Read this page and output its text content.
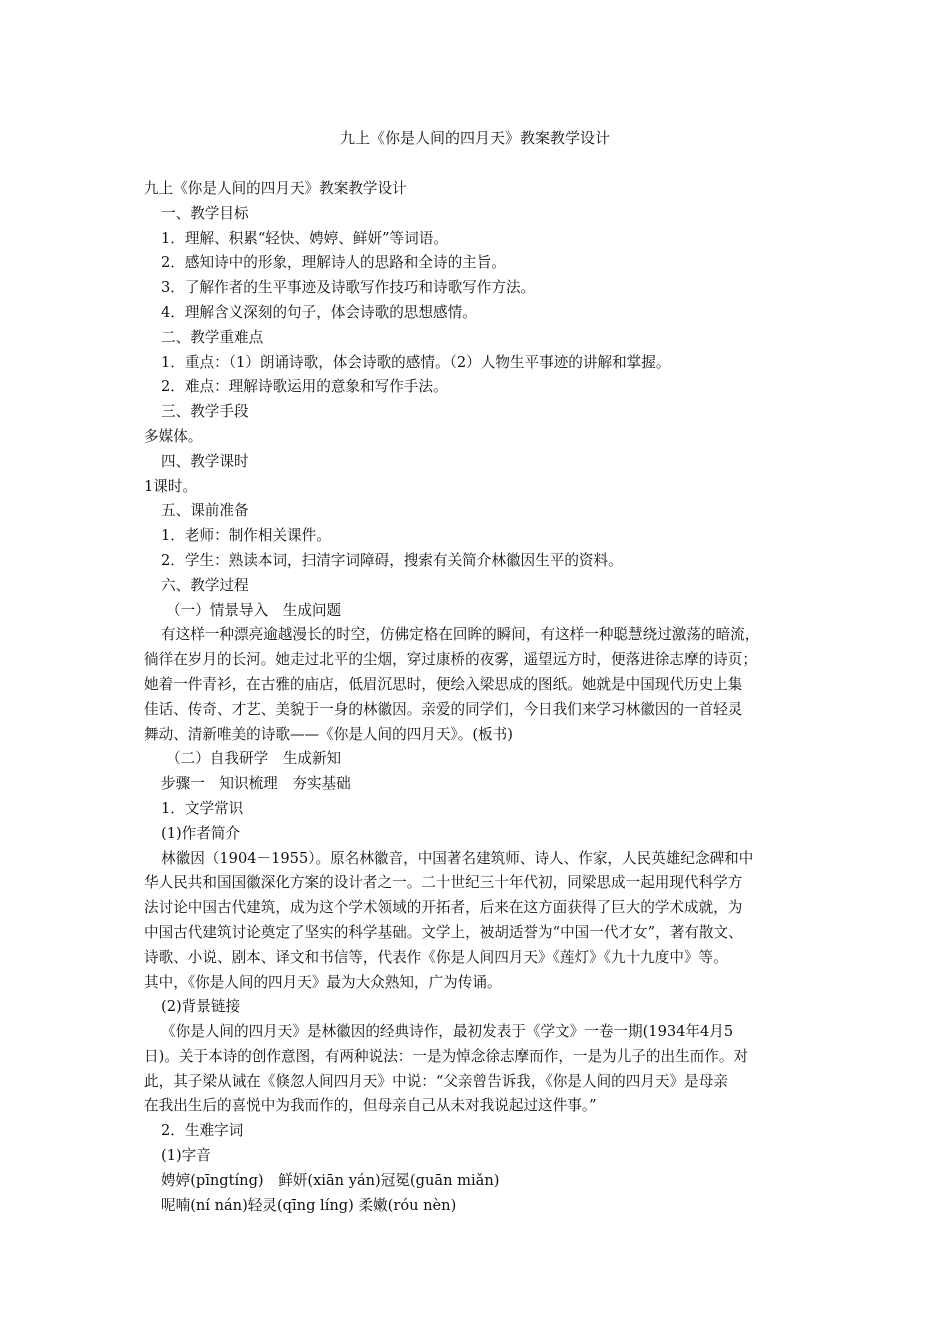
九上《你是人间的四月天》教案教学设计
九上《你是人间的四月天》教案教学设计
一、教学目标
1．理解、积累“轻快、娉婷、鲜妍”等词语。
2．感知诗中的形象，理解诗人的思路和全诗的主旨。
3．了解作者的生平事迹及诗歌写作技巧和诗歌写作方法。
4．理解含义深刻的句子，体会诗歌的思想感情。
二、教学重难点
1．重点：（1）朗诵诗歌，体会诗歌的感情。（2）人物生平事迹的讲解和掌握。
2．难点：理解诗歌运用的意象和写作手法。
三、教学手段
多媒体。
四、教学课时
1课时。
五、课前准备
1．老师：制作相关课件。
2．学生：熟读本词，扫清字词障碍，搜索有关简介林徽因生平的资料。
六、教学过程
（一）情景导入　生成问题
有这样一种漂亮逾越漫长的时空，仿佛定格在回眸的瞬间，有这样一种聪慧绕过激荡的暗流，
徜徉在岁月的长河。她走过北平的尘烟，穿过康桥的夜雾，遥望远方时，便落进徐志摩的诗页；
她着一件青衫，在古雅的庙店，低眉沉思时，便绘入梁思成的图纸。她就是中国现代历史上集
佳话、传奇、才艺、美貌于一身的林徽因。亲爱的同学们，今日我们来学习林徽因的一首轻灵
舞动、清新唯美的诗歌——《你是人间的四月天》。(板书)
（二）自我研学　生成新知
步骤一　知识梳理　夯实基础
1．文学常识
(1)作者简介
林徽因（1904－1955）。原名林徽音，中国著名建筑师、诗人、作家，人民英雄纪念碑和中
华人民共和国国徽深化方案的设计者之一。二十世纪三十年代初，同梁思成一起用现代科学方
法讨论中国古代建筑，成为这个学术领域的开拓者，后来在这方面获得了巨大的学术成就，为
中国古代建筑讨论奠定了坚实的科学基础。文学上，被胡适誉为“中国一代才女”，著有散文、
诗歌、小说、剧本、译文和书信等，代表作《你是人间四月天》《莲灯》《九十九度中》等。
其中，《你是人间的四月天》最为大众熟知，广为传诵。
(2)背景链接
《你是人间的四月天》是林徽因的经典诗作，最初发表于《学文》一卷一期(1934年4月5
日)。关于本诗的创作意图，有两种说法：一是为悼念徐志摩而作，一是为儿子的出生而作。对
此，其子梁从诫在《倏忽人间四月天》中说：“父亲曾告诉我，《你是人间的四月天》是母亲
在我出生后的喜悦中为我而作的，但母亲自己从未对我说起过这件事。”
2．生难字词
(1)字音
娉婷(pīngtíng)　鲜妍(xiān yán)冠冕(guān miǎn)
呢喃(ní nán)轻灵(qīng líng) 柔嫩(róu nèn)
